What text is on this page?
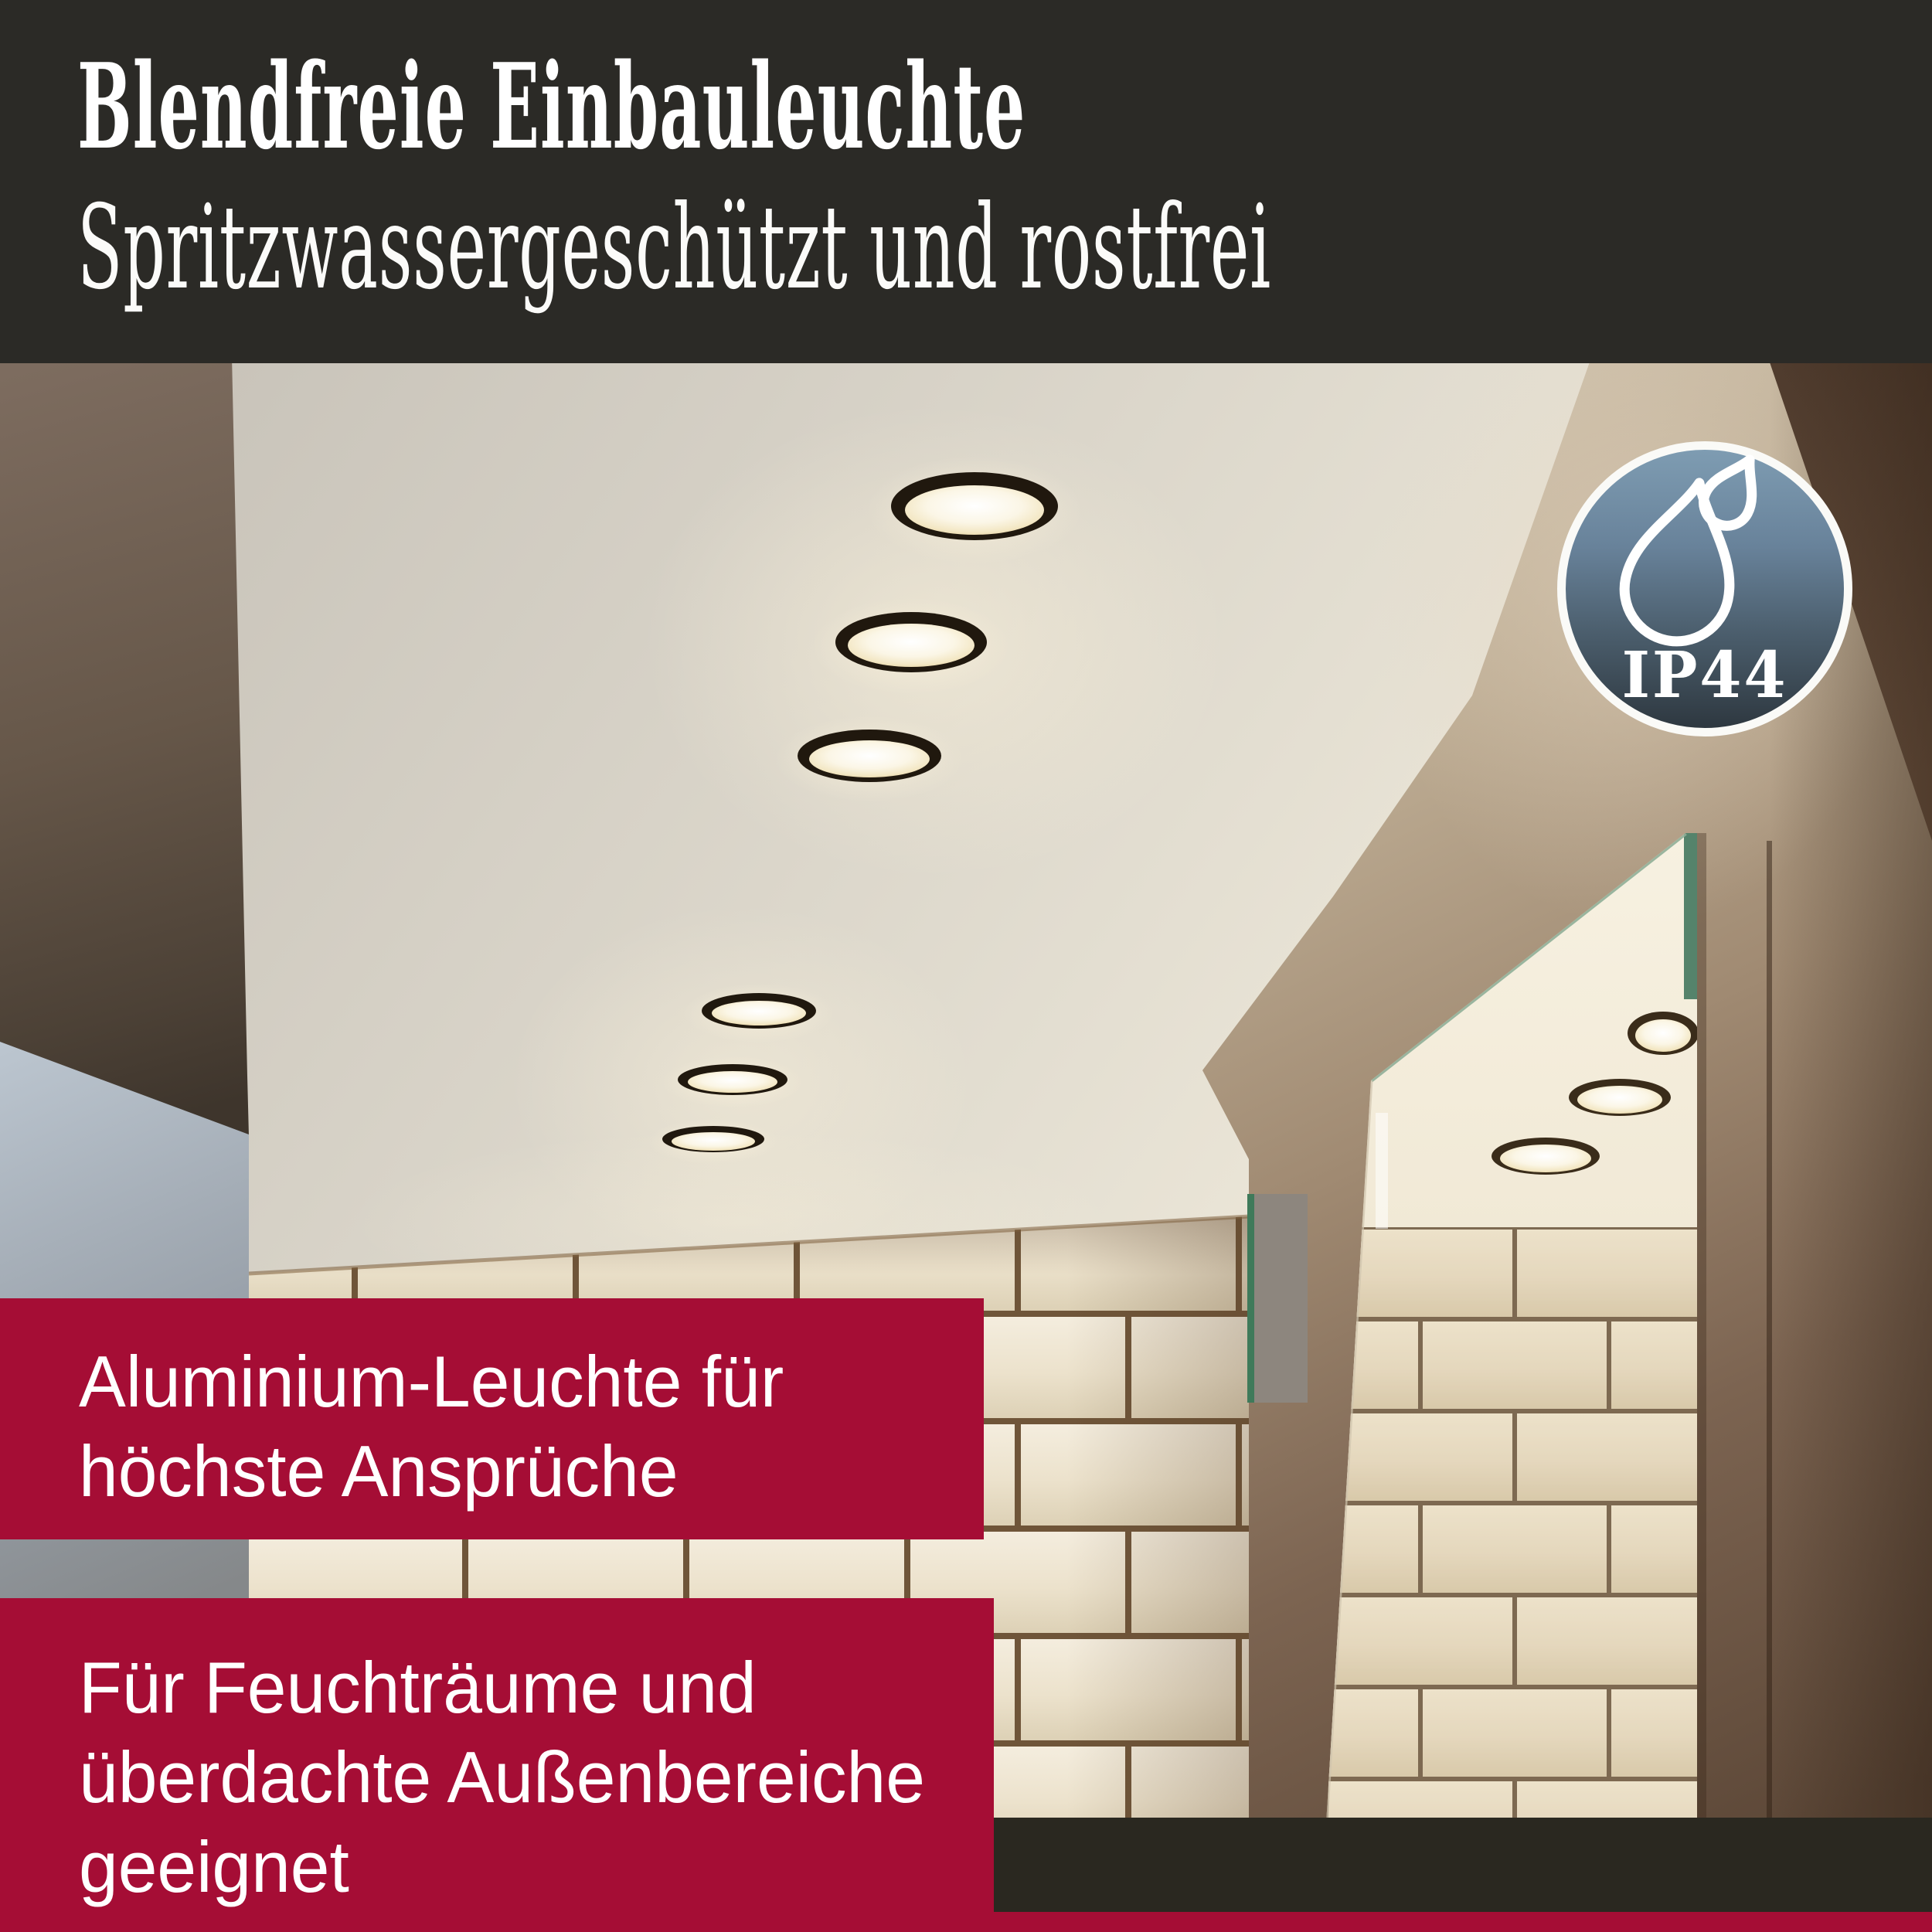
Blendfreie Einbauleuchte
Spritzwassergeschützt und rostfrei
IP44
Aluminium-Leuchte für
höchste Ansprüche
Für Feuchträume und
überdachte Außenbereiche
geeignet
